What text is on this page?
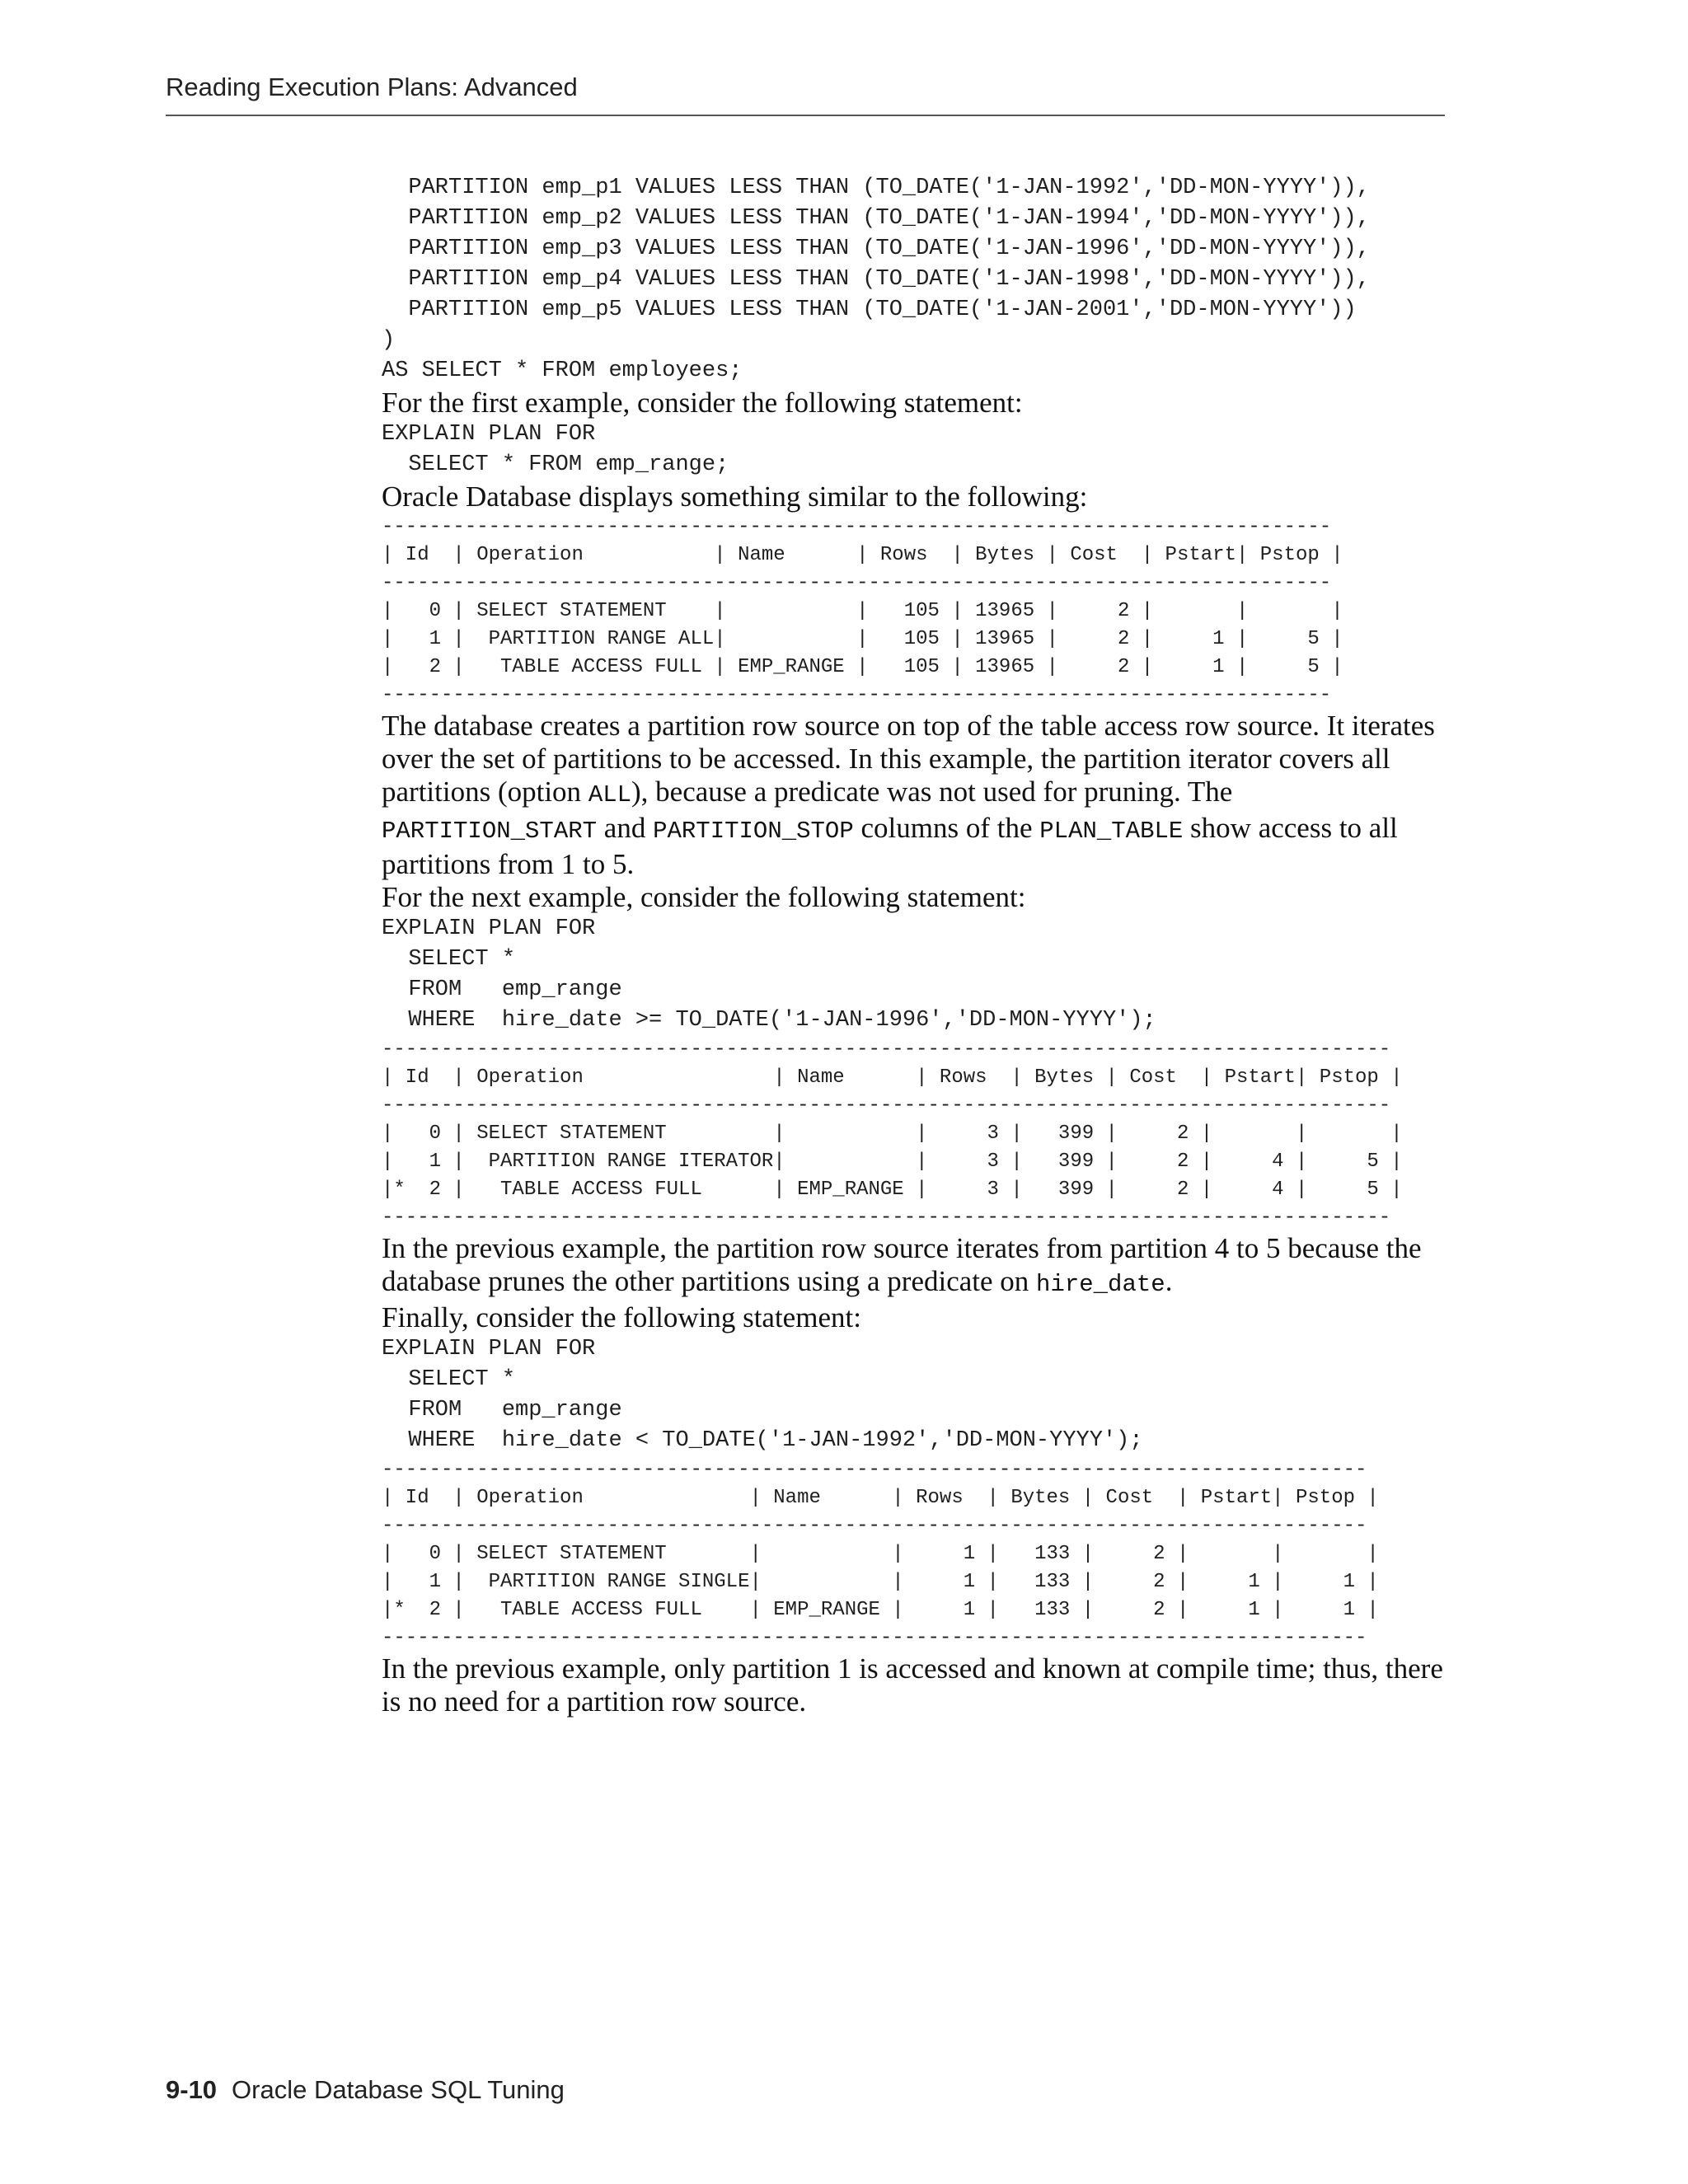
Reading Execution Plans: Advanced
PARTITION emp_p1 VALUES LESS THAN (TO_DATE('1-JAN-1992','DD-MON-YYYY')),
PARTITION emp_p2 VALUES LESS THAN (TO_DATE('1-JAN-1994','DD-MON-YYYY')),
PARTITION emp_p3 VALUES LESS THAN (TO_DATE('1-JAN-1996','DD-MON-YYYY')),
PARTITION emp_p4 VALUES LESS THAN (TO_DATE('1-JAN-1998','DD-MON-YYYY')),
PARTITION emp_p5 VALUES LESS THAN (TO_DATE('1-JAN-2001','DD-MON-YYYY'))
)
AS SELECT * FROM employees;

For the first example, consider the following statement:

EXPLAIN PLAN FOR
SELECT * FROM emp_range;

Oracle Database displays something similar to the following:

--------------------------------------------------------------------------------
| Id  | Operation           | Name      | Rows  | Bytes | Cost  | Pstart| Pstop |
--------------------------------------------------------------------------------
|   0 | SELECT STATEMENT    |           |   105 | 13965 |     2 |       |       |
|   1 |  PARTITION RANGE ALL|           |   105 | 13965 |     2 |     1 |     5 |
|   2 |   TABLE ACCESS FULL | EMP_RANGE |   105 | 13965 |     2 |     1 |     5 |
--------------------------------------------------------------------------------

The database creates a partition row source on top of the table access row source. It iterates over the set of partitions to be accessed. In this example, the partition iterator covers all partitions (option ALL), because a predicate was not used for pruning. The PARTITION_START and PARTITION_STOP columns of the PLAN_TABLE show access to all partitions from 1 to 5.

For the next example, consider the following statement:

EXPLAIN PLAN FOR
SELECT *
FROM   emp_range
WHERE  hire_date >= TO_DATE('1-JAN-1996','DD-MON-YYYY');
-------------------------------------------------------------------------------------
| Id  | Operation                | Name      | Rows  | Bytes | Cost  | Pstart| Pstop |
-------------------------------------------------------------------------------------
|   0 | SELECT STATEMENT         |           |     3 |   399 |     2 |       |       |
|   1 |  PARTITION RANGE ITERATOR|           |     3 |   399 |     2 |     4 |     5 |
|*  2 |   TABLE ACCESS FULL      | EMP_RANGE |     3 |   399 |     2 |     4 |     5 |
-------------------------------------------------------------------------------------

In the previous example, the partition row source iterates from partition 4 to 5 because the database prunes the other partitions using a predicate on hire_date.

Finally, consider the following statement:

EXPLAIN PLAN FOR
SELECT *
FROM   emp_range
WHERE  hire_date < TO_DATE('1-JAN-1992','DD-MON-YYYY');
-----------------------------------------------------------------------------------
| Id  | Operation              | Name      | Rows  | Bytes | Cost  | Pstart| Pstop |
-----------------------------------------------------------------------------------
|   0 | SELECT STATEMENT       |           |     1 |   133 |     2 |       |       |
|   1 |  PARTITION RANGE SINGLE|           |     1 |   133 |     2 |     1 |     1 |
|*  2 |   TABLE ACCESS FULL    | EMP_RANGE |     1 |   133 |     2 |     1 |     1 |
-----------------------------------------------------------------------------------

In the previous example, only partition 1 is accessed and known at compile time; thus, there is no need for a partition row source.

9-10 Oracle Database SQL Tuning
